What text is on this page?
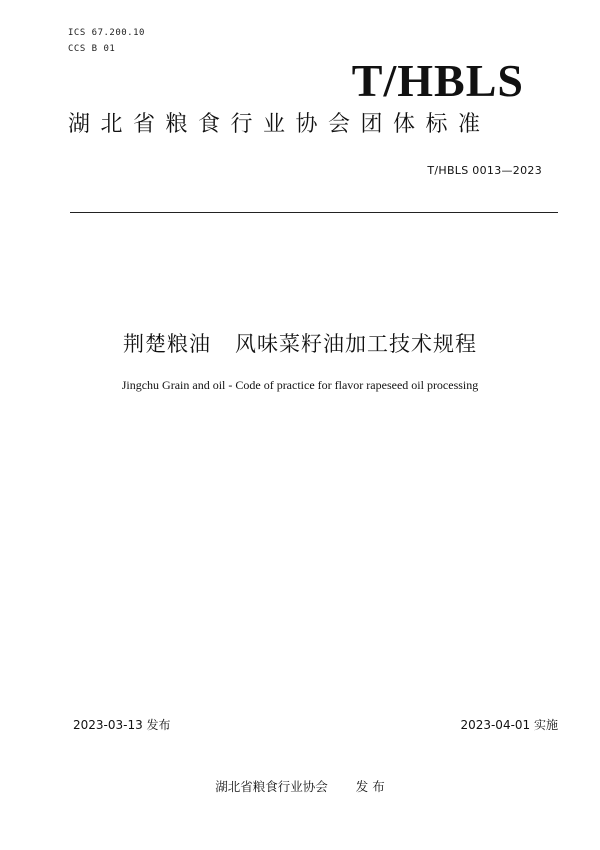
ICS 67.200.10
CCS B 01
T/HBLS
湖北省粮食行业协会团体标准
T/HBLS 0013—2023
荆楚粮油 风味菜籽油加工技术规程
Jingchu Grain and oil - Code of practice for flavor rapeseed oil processing
2023-03-13 发布	2023-04-01 实施
湖北省粮食行业协会 发 布
